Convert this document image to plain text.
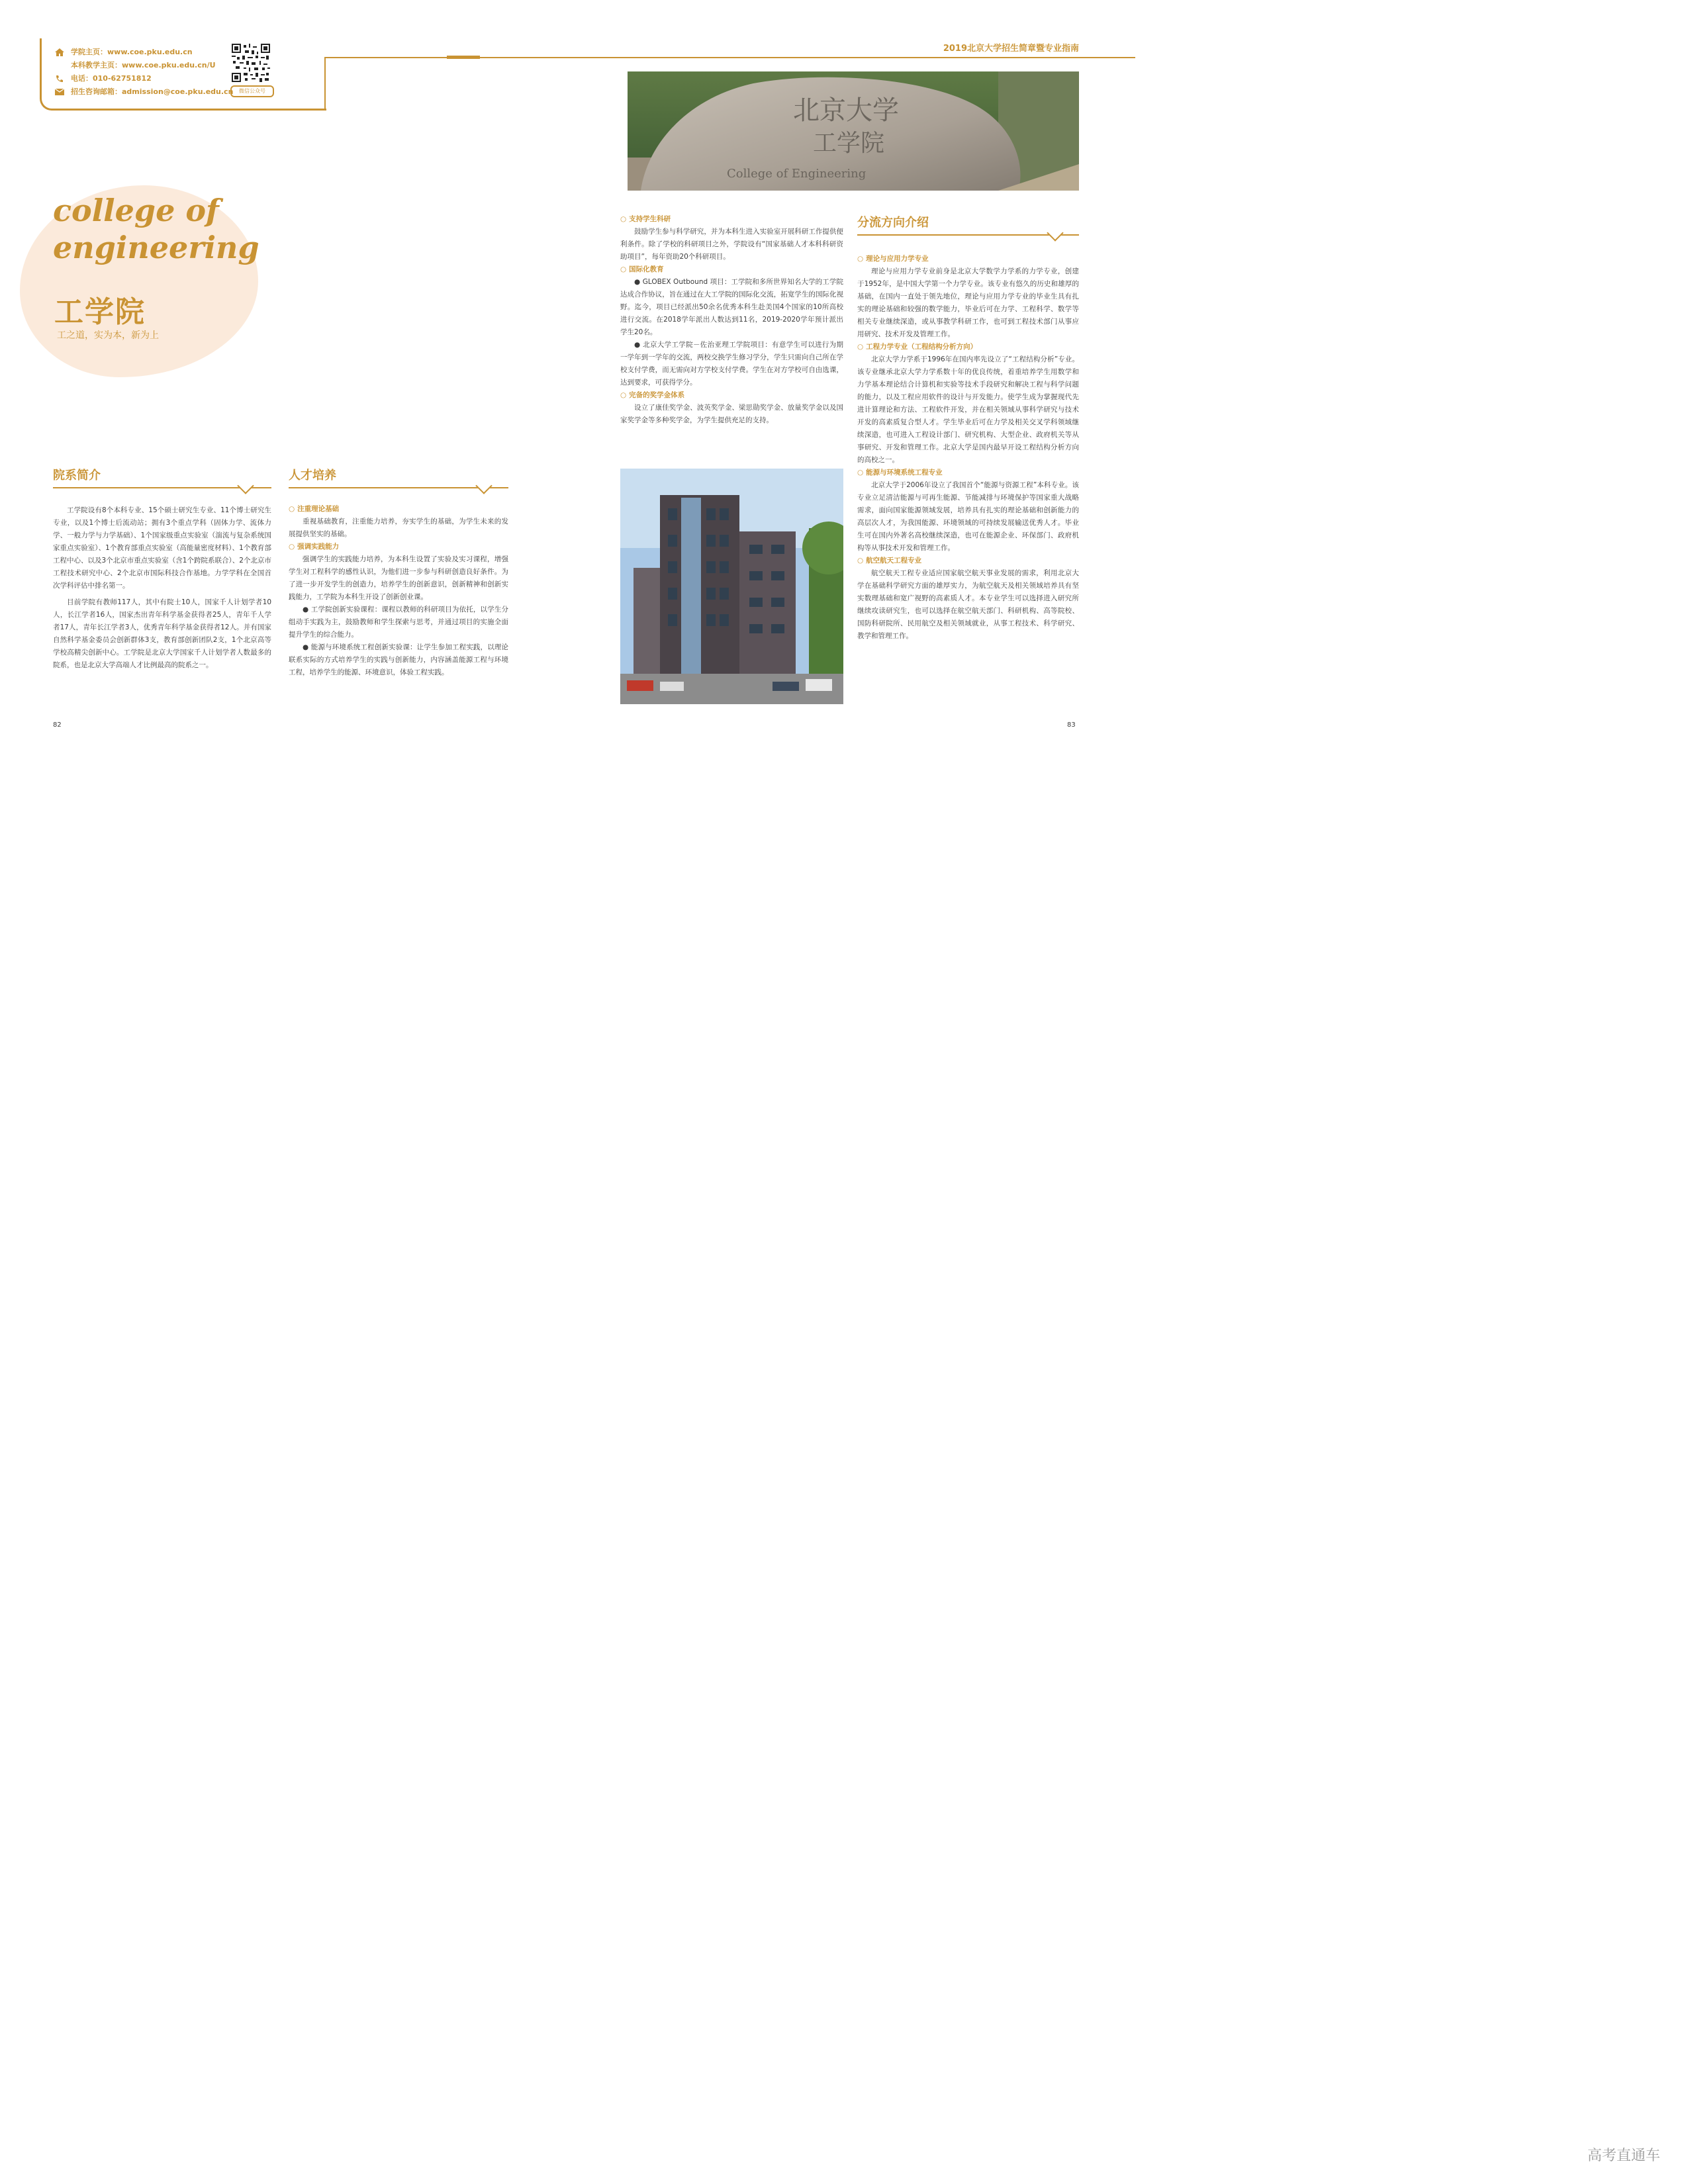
学院主页：www.coe.pku.edu.cn
本科教学主页：www.coe.pku.edu.cn/U
电话：010-62751812
招生咨询邮箱：admission@coe.pku.edu.cn	微信公众号
2019北京大学招生简章暨专业指南
college of
engineering
工学院
工之道，实为本，新为上
院系简介

工学院设有8个本科专业、15个硕士研究生专业、11个博士研究生专业，以及1个博士后流动站；拥有3个重点学科（固体力学、流体力学、一般力学与力学基础）、1个国家级重点实验室（湍流与复杂系统国家重点实验室）、1个教育部重点实验室（高能量密度材料）、1个教育部工程中心、以及3个北京市重点实验室（含1个跨院系联合）、2个北京市工程技术研究中心、2个北京市国际科技合作基地。力学学科在全国首次学科评估中排名第一。

目前学院有教师117人，其中有院士10人，国家千人计划学者10人，长江学者16人，国家杰出青年科学基金获得者25人，青年千人学者17人，青年长江学者3人，优秀青年科学基金获得者12人。并有国家自然科学基金委员会创新群体3支，教育部创新团队2支，1个北京高等学校高精尖创新中心。工学院是北京大学国家千人计划学者人数最多的院系，也是北京大学高端人才比例最高的院系之一。

82
人才培养

○ 注重理论基础

重视基础教育，注重能力培养，夯实学生的基础，为学生未来的发展提供坚实的基础。

○ 强调实践能力

强调学生的实践能力培养，为本科生设置了实验及实习课程，增强学生对工程科学的感性认识，为他们进一步参与科研创造良好条件。为了进一步开发学生的创造力，培养学生的创新意识，创新精神和创新实践能力，工学院为本科生开设了创新创业课。

● 工学院创新实验课程：课程以教师的科研项目为依托，以学生分组动手实践为主，鼓励教师和学生探索与思考，并通过项目的实施全面提升学生的综合能力。

● 能源与环境系统工程创新实验课：让学生参加工程实践，以理论联系实际的方式培养学生的实践与创新能力，内容涵盖能源工程与环境工程，培养学生的能源、环境意识，体验工程实践。

北京大学
工学院
College of Engineering

○ 支持学生科研

鼓励学生参与科学研究，并为本科生进入实验室开展科研工作提供便利条件。除了学校的科研项目之外，学院设有“国家基础人才本科科研资助项目”，每年资助20个科研项目。

○ 国际化教育

● GLOBEX Outbound 项目：工学院和多所世界知名大学的工学院达成合作协议，旨在通过在大工学院的国际化交流，拓宽学生的国际化视野。迄今，项目已经派出50余名优秀本科生赴美国4个国家的10所高校进行交流。在2018学年派出人数达到11名，2019-2020学年预计派出学生20名。

● 北京大学工学院－佐治亚理工学院项目：有意学生可以进行为期一学年到一学年的交流，两校交换学生修习学分，学生只需向自己所在学校支付学费，而无需向对方学校支付学费。学生在对方学校可自由选课，达到要求，可获得学分。

○ 完备的奖学金体系

设立了康佳奖学金、波英奖学金、梁思勋奖学金、放量奖学金以及国家奖学金等多种奖学金，为学生提供充足的支持。

分流方向介绍

○ 理论与应用力学专业

理论与应用力学专业前身是北京大学数学力学系的力学专业，创建于1952年，是中国大学第一个力学专业。该专业有悠久的历史和雄厚的基础，在国内一直处于领先地位，理论与应用力学专业的毕业生具有扎实的理论基础和较强的数学能力，毕业后可在力学、工程科学、数学等相关专业继续深造，或从事教学科研工作，也可到工程技术部门从事应用研究、技术开发及管理工作。

○ 工程力学专业（工程结构分析方向）

北京大学力学系于1996年在国内率先设立了“工程结构分析”专业。该专业继承北京大学力学系数十年的优良传统，着重培养学生用数学和力学基本理论结合计算机和实验等技术手段研究和解决工程与科学问题的能力，以及工程应用软件的设计与开发能力。使学生成为掌握现代先进计算理论和方法、工程软件开发，并在相关领域从事科学研究与技术开发的高素质复合型人才。学生毕业后可在力学及相关交叉学科领域继续深造，也可进入工程设计部门、研究机构、大型企业、政府机关等从事研究、开发和管理工作。北京大学是国内最早开设工程结构分析方向的高校之一。

○ 能源与环境系统工程专业

北京大学于2006年设立了我国首个“能源与资源工程”本科专业。该专业立足清洁能源与可再生能源、节能减排与环境保护等国家重大战略需求，面向国家能源领域发展，培养具有扎实的理论基础和创新能力的高层次人才，为我国能源、环境领域的可持续发展输送优秀人才。毕业生可在国内外著名高校继续深造，也可在能源企业、环保部门、政府机构等从事技术开发和管理工作。

○ 航空航天工程专业

航空航天工程专业适应国家航空航天事业发展的需求，利用北京大学在基础科学研究方面的雄厚实力，为航空航天及相关领域培养具有坚实数理基础和宽广视野的高素质人才。本专业学生可以选择进入研究所继续攻读研究生，也可以选择在航空航天部门、科研机构、高等院校、国防科研院所、民用航空及相关领域就业，从事工程技术、科学研究、教学和管理工作。

83
高考直通车
